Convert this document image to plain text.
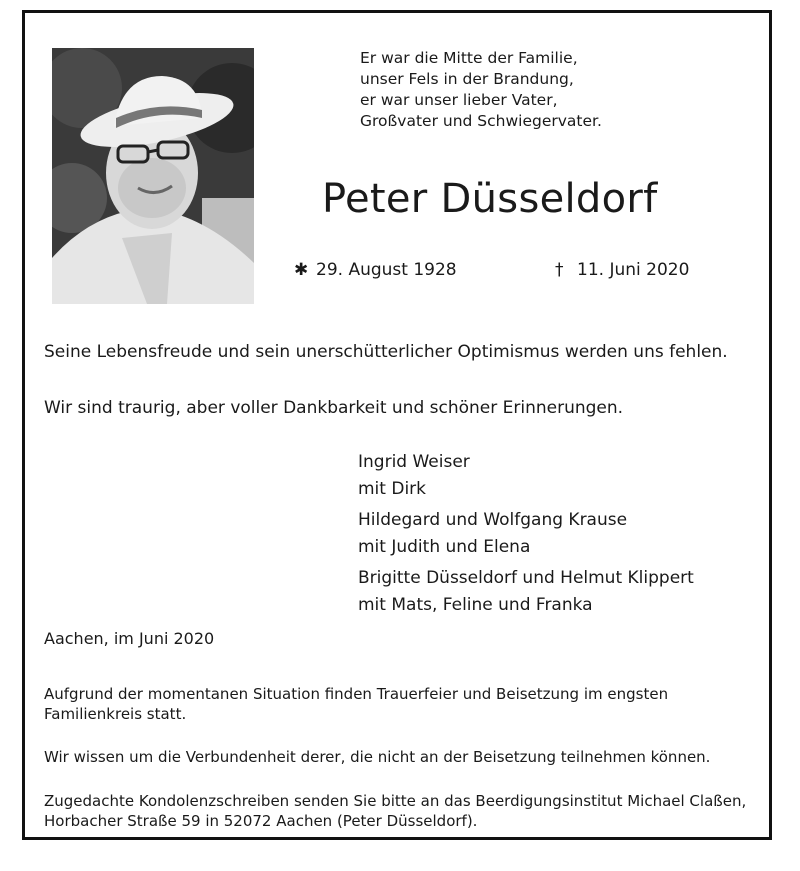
Er war die Mitte der Familie,
unser Fels in der Brandung,
er war unser lieber Vater,
Großvater und Schwiegervater.
Peter Düsseldorf
✱ 29. August 1928	† 11. Juni 2020
Seine Lebensfreude und sein unerschütterlicher Optimismus werden uns fehlen.
Wir sind traurig, aber voller Dankbarkeit und schöner Erinnerungen.
Ingrid Weiser
mit Dirk
Hildegard und Wolfgang Krause
mit Judith und Elena
Brigitte Düsseldorf und Helmut Klippert
mit Mats, Feline und Franka
Aachen, im Juni 2020
Aufgrund der momentanen Situation finden Trauerfeier und Beisetzung im engsten Familienkreis statt.
Wir wissen um die Verbundenheit derer, die nicht an der Beisetzung teilnehmen können.
Zugedachte Kondolenzschreiben senden Sie bitte an das Beerdigungsinstitut Michael Claßen, Horbacher Straße 59 in 52072 Aachen (Peter Düsseldorf).
